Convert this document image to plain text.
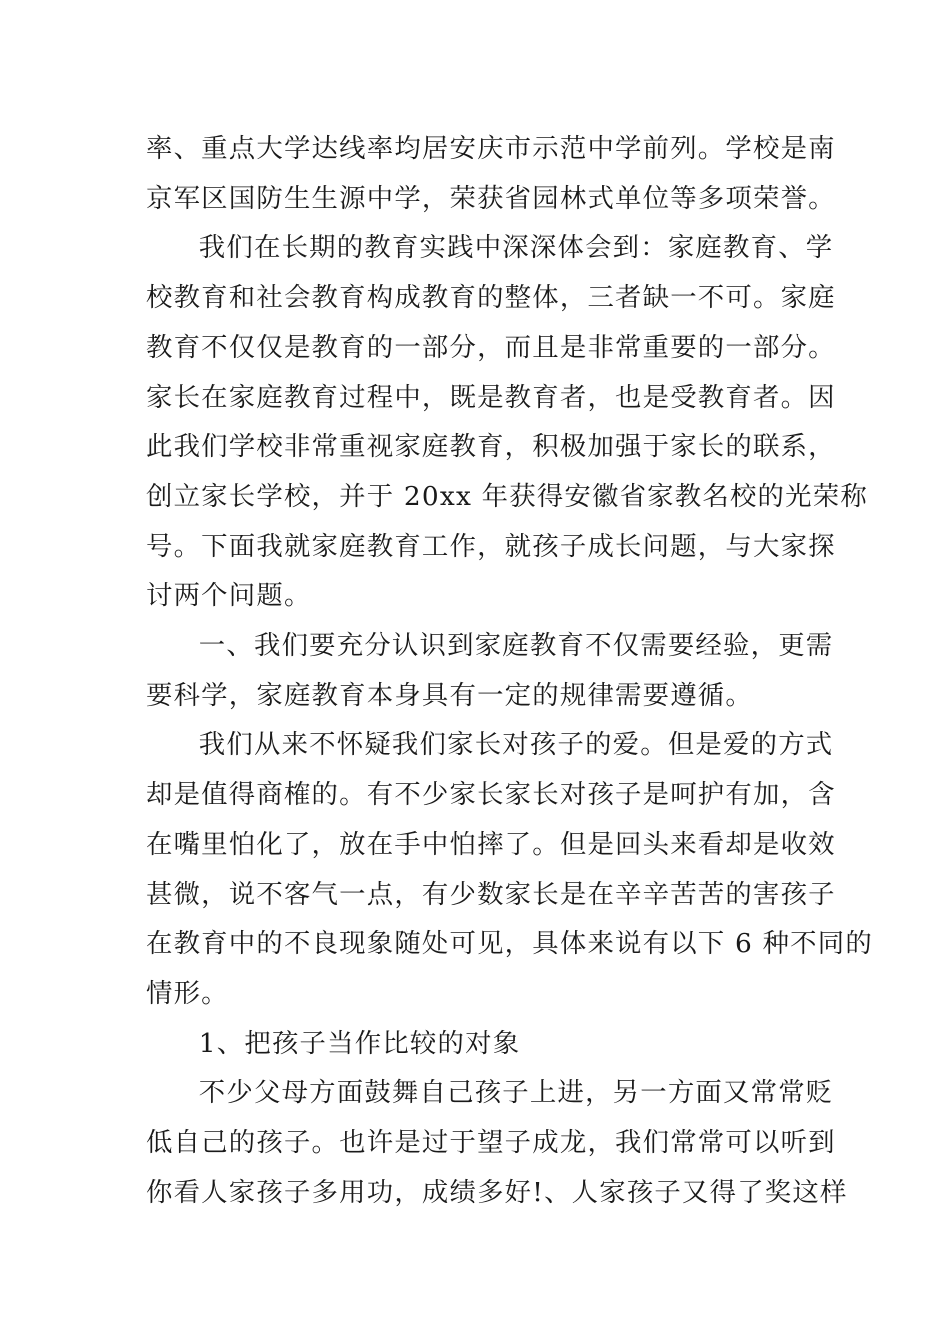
率、重点大学达线率均居安庆市示范中学前列。学校是南
京军区国防生生源中学，荣获省园林式单位等多项荣誉。

我们在长期的教育实践中深深体会到：家庭教育、学
校教育和社会教育构成教育的整体，三者缺一不可。家庭
教育不仅仅是教育的一部分，而且是非常重要的一部分。
家长在家庭教育过程中，既是教育者，也是受教育者。因
此我们学校非常重视家庭教育，积极加强于家长的联系，
创立家长学校，并于 20xx 年获得安徽省家教名校的光荣称
号。下面我就家庭教育工作，就孩子成长问题，与大家探
讨两个问题。

一、我们要充分认识到家庭教育不仅需要经验，更需
要科学，家庭教育本身具有一定的规律需要遵循。

我们从来不怀疑我们家长对孩子的爱。但是爱的方式
却是值得商榷的。有不少家长家长对孩子是呵护有加，含
在嘴里怕化了，放在手中怕摔了。但是回头来看却是收效
甚微，说不客气一点，有少数家长是在辛辛苦苦的害孩子
在教育中的不良现象随处可见，具体来说有以下 6 种不同的
情形。

1、把孩子当作比较的对象

不少父母方面鼓舞自己孩子上进，另一方面又常常贬
低自己的孩子。也许是过于望子成龙，我们常常可以听到
你看人家孩子多用功，成绩多好!、人家孩子又得了奖这样
